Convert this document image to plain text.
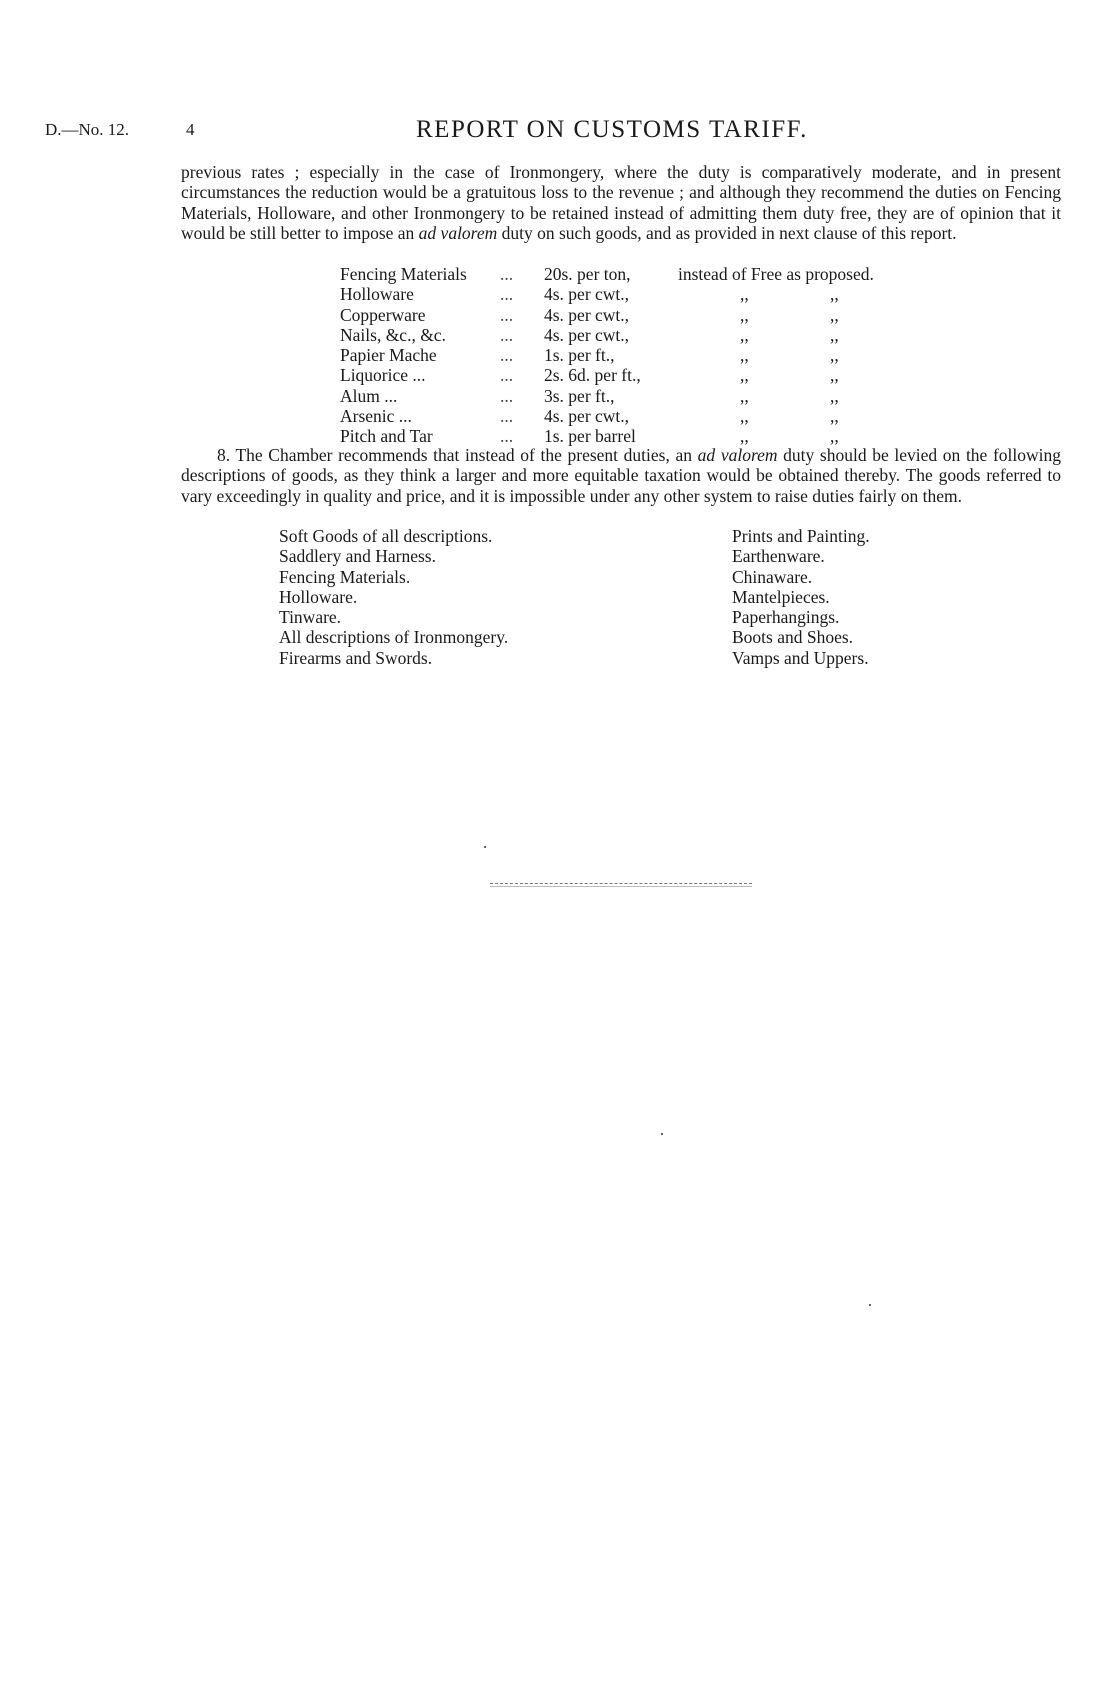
D.—No. 12.	4	REPORT ON CUSTOMS TARIFF.

previous rates ; especially in the case of Ironmongery, where the duty is comparatively moderate, and in present circumstances the reduction would be a gratuitous loss to the revenue ; and although they recommend the duties on Fencing Materials, Holloware, and other Ironmongery to be retained instead of admitting them duty free, they are of opinion that it would be still better to impose an ad valorem duty on such goods, and as provided in next clause of this report.

Fencing Materials ... 20s. per ton,	instead of Free as proposed.
Holloware	... 4s. per cwt.,	,,	,,
Copperware	... 4s. per cwt.,	,,	,,
Nails, &c., &c.	... 4s. per cwt.,	,,	,,
Papier Mache	... 1s. per ft.,	,,	,,
Liquorice ...	... 2s. 6d. per ft.,	,,	,,
Alum ...	... 3s. per ft.,	,,	,,
Arsenic ...	... 4s. per cwt.,	,,	,,
Pitch and Tar	... 1s. per barrel	,,	,,

8. The Chamber recommends that instead of the present duties, an ad valorem duty should be levied on the following descriptions of goods, as they think a larger and more equitable taxation would be obtained thereby. The goods referred to vary exceedingly in quality and price, and it is impossible under any other system to raise duties fairly on them.

Soft Goods of all descriptions.
Saddlery and Harness.
Fencing Materials.
Holloware.
Tinware.
All descriptions of Ironmongery.
Firearms and Swords.
Prints and Painting.
Earthenware.
Chinaware.
Mantelpieces.
Paperhangings.
Boots and Shoes.
Vamps and Uppers.
